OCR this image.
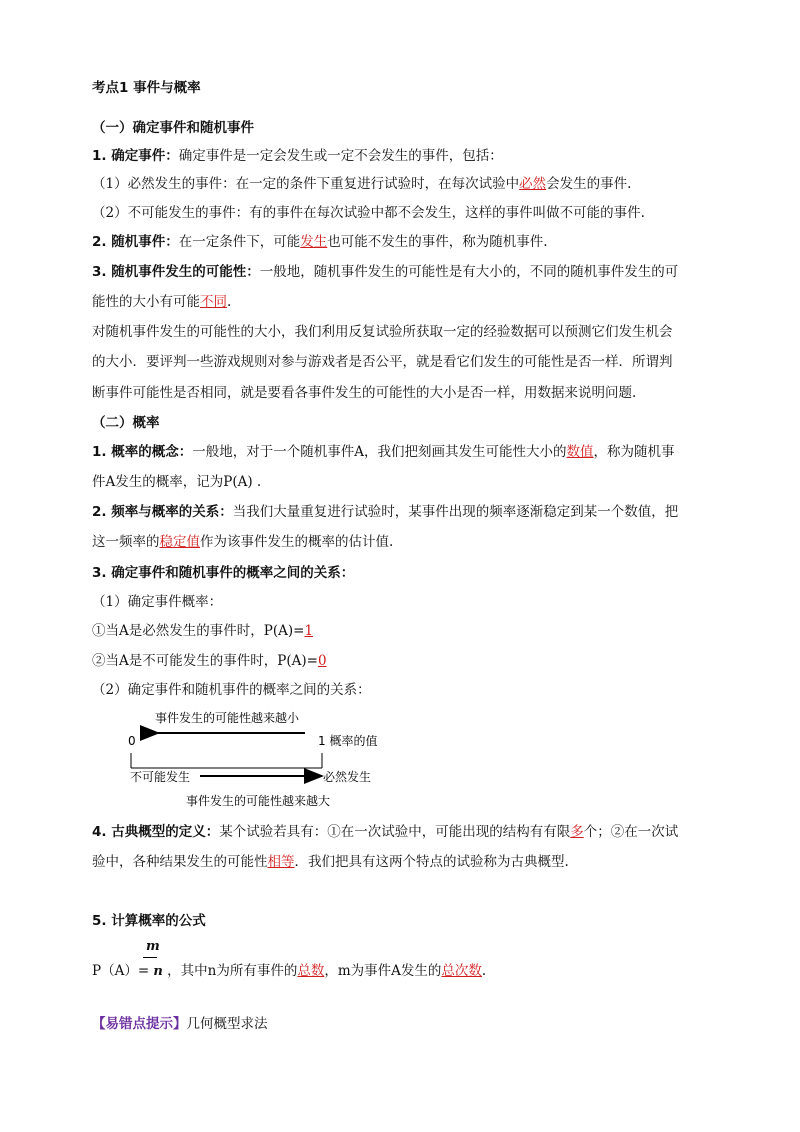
考点1 事件与概率
（一）确定事件和随机事件
1. 确定事件：确定事件是一定会发生或一定不会发生的事件，包括：
（1）必然发生的事件：在一定的条件下重复进行试验时，在每次试验中必然会发生的事件.
（2）不可能发生的事件：有的事件在每次试验中都不会发生，这样的事件叫做不可能的事件.
2. 随机事件：在一定条件下，可能发生也可能不发生的事件，称为随机事件.
3. 随机事件发生的可能性：一般地，随机事件发生的可能性是有大小的，不同的随机事件发生的可
能性的大小有可能不同.
对随机事件发生的可能性的大小，我们利用反复试验所获取一定的经验数据可以预测它们发生机会
的大小．要评判一些游戏规则对参与游戏者是否公平，就是看它们发生的可能性是否一样．所谓判
断事件可能性是否相同，就是要看各事件发生的可能性的大小是否一样，用数据来说明问题.
（二）概率
1. 概率的概念：一般地，对于一个随机事件A，我们把刻画其发生可能性大小的数值，称为随机事
件A发生的概率，记为P(A) .
2. 频率与概率的关系：当我们大量重复进行试验时，某事件出现的频率逐渐稳定到某一个数值，把
这一频率的稳定值作为该事件发生的概率的估计值.
3. 确定事件和随机事件的概率之间的关系：
（1）确定事件概率：
①当A是必然发生的事件时，P(A)=1
②当A是不可能发生的事件时，P(A)=0
（2）确定事件和随机事件的概率之间的关系：
事件发生的可能性越来越小
0	1 概率的值
不可能发生	必然发生
事件发生的可能性越来越大
4. 古典概型的定义：某个试验若具有：①在一次试验中，可能出现的结构有有限多个；②在一次试
验中，各种结果发生的可能性相等．我们把具有这两个特点的试验称为古典概型.
5. 计算概率的公式
m
P（A）= n ，其中n为所有事件的总数，m为事件A发生的总次数.
【易错点提示】几何概型求法
